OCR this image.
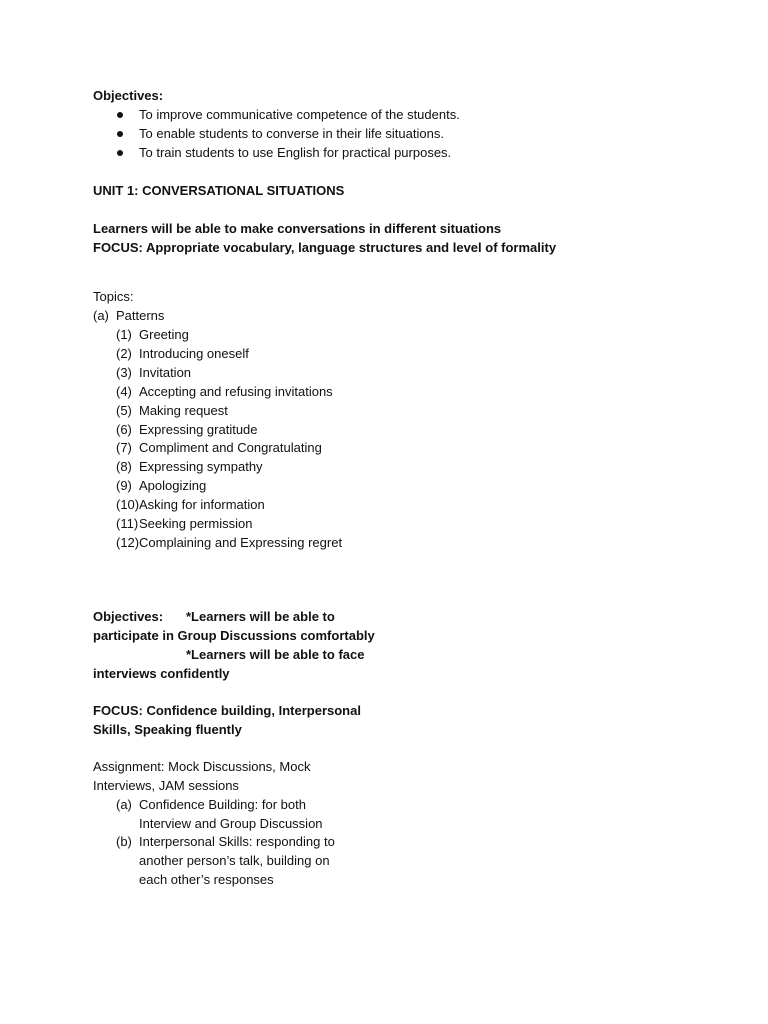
Objectives:
To improve communicative competence of the students.
To enable students to converse in their life situations.
To train students to use English for practical purposes.
UNIT 1: CONVERSATIONAL SITUATIONS
Learners will be able to make conversations in different situations
FOCUS: Appropriate vocabulary, language structures and level of formality
Topics:
(a) Patterns
(1) Greeting
(2) Introducing oneself
(3) Invitation
(4) Accepting and refusing invitations
(5) Making request
(6) Expressing gratitude
(7) Compliment and Congratulating
(8) Expressing sympathy
(9) Apologizing
(10) Asking for information
(11) Seeking permission
(12) Complaining and Expressing regret
Objectives: *Learners will be able to
participate in Group Discussions comfortably
*Learners will be able to face
interviews confidently
FOCUS: Confidence building, Interpersonal
Skills, Speaking fluently
Assignment: Mock Discussions, Mock
Interviews, JAM sessions
(a) Confidence Building: for both
Interview and Group Discussion
(b) Interpersonal Skills: responding to
another person’s talk, building on
each other’s responses
